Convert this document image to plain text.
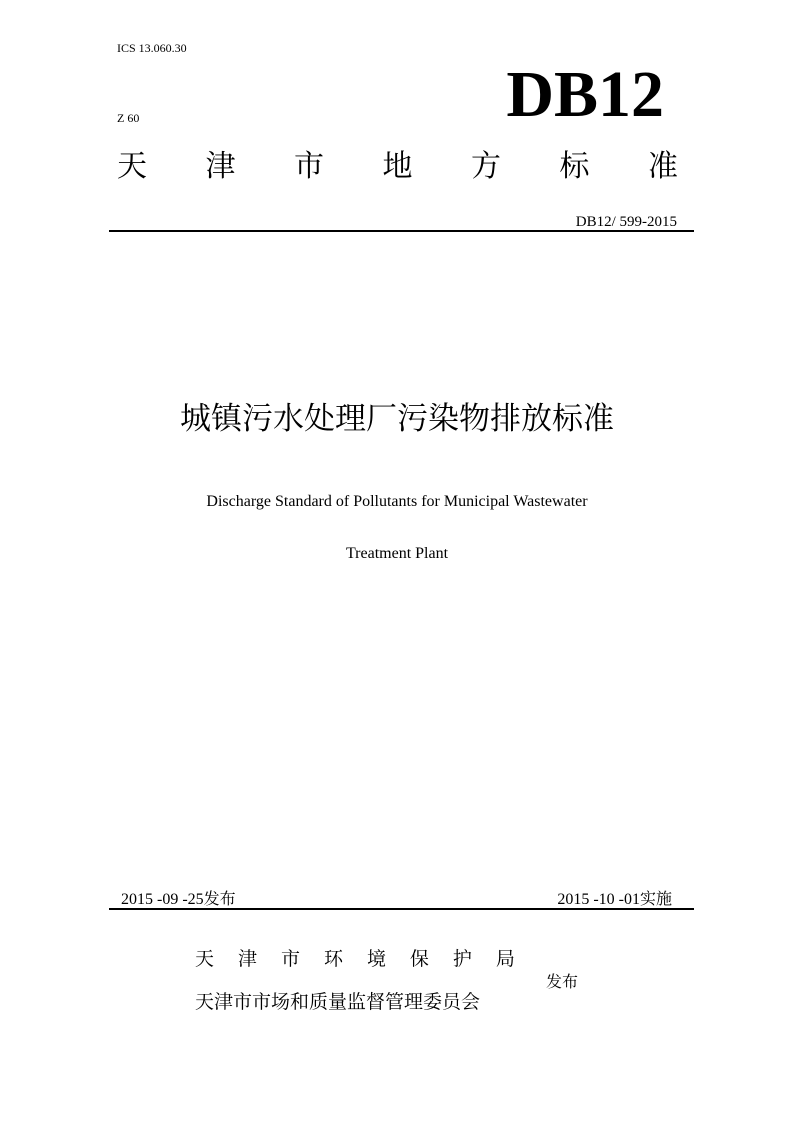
ICS 13.060.30
Z 60	DB12
天 津 市 地 方 标 准
DB12/ 599-2015
城镇污水处理厂污染物排放标准
Discharge Standard of Pollutants for Municipal Wastewater
Treatment Plant
2015 -09 -25发布	2015 -10 -01实施
天 津 市 环 境 保 护 局
天津市市场和质量监督管理委员会
发布
